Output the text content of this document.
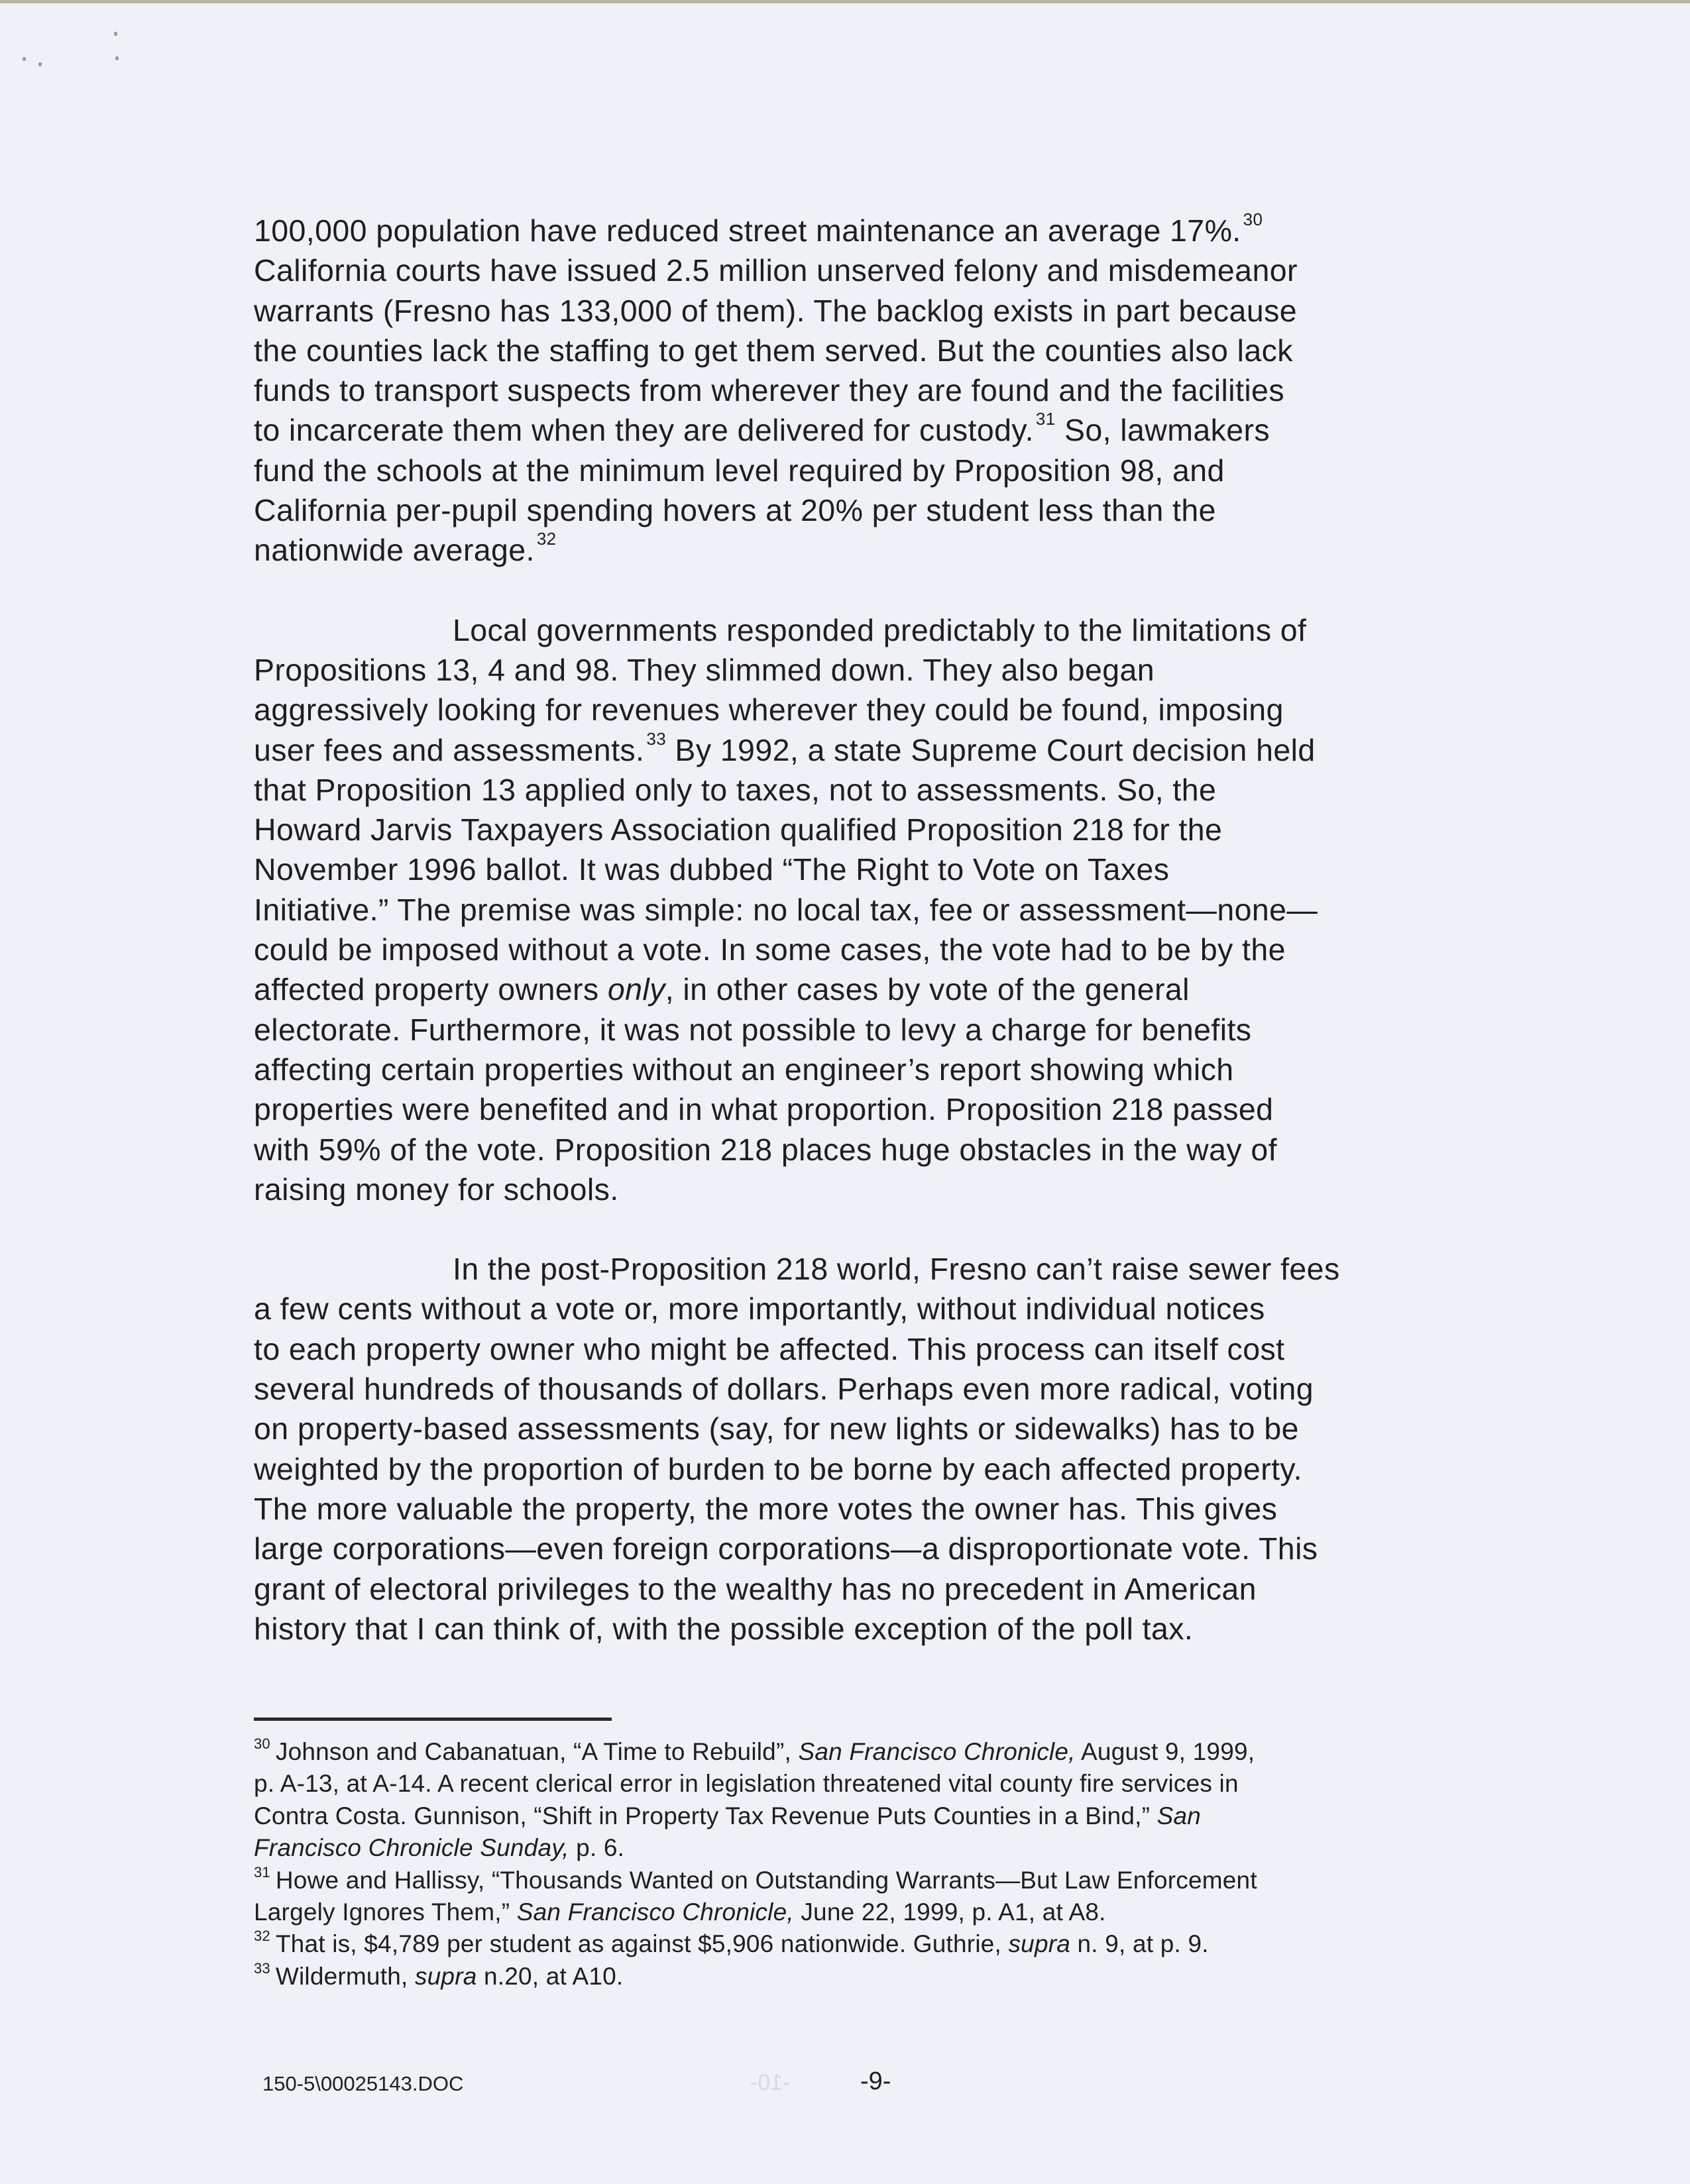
100,000 population have reduced street maintenance an average 17%. $^{30}$
California courts have issued 2.5 million unserved felony and misdemeanor
warrants (Fresno has 133,000 of them). The backlog exists in part because
the counties lack the staffing to get them served. But the counties also lack
funds to transport suspects from wherever they are found and the facilities
to incarcerate them when they are delivered for custody. $^{31}$ So, lawmakers
fund the schools at the minimum level required by Proposition 98, and
California per-pupil spending hovers at 20% per student less than the
nationwide average. $^{32}$
Local governments responded predictably to the limitations of
Propositions 13, 4 and 98. They slimmed down. They also began
aggressively looking for revenues wherever they could be found, imposing
user fees and assessments. $^{33}$ By 1992, a state Supreme Court decision held
that Proposition 13 applied only to taxes, not to assessments. So, the
Howard Jarvis Taxpayers Association qualified Proposition 218 for the
November 1996 ballot. It was dubbed “The Right to Vote on Taxes
Initiative.” The premise was simple: no local tax, fee or assessment—none—
could be imposed without a vote. In some cases, the vote had to be by the
affected property owners only, in other cases by vote of the general
electorate. Furthermore, it was not possible to levy a charge for benefits
affecting certain properties without an engineer’s report showing which
properties were benefited and in what proportion. Proposition 218 passed
with 59% of the vote. Proposition 218 places huge obstacles in the way of
raising money for schools.
In the post-Proposition 218 world, Fresno can’t raise sewer fees
a few cents without a vote or, more importantly, without individual notices
to each property owner who might be affected. This process can itself cost
several hundreds of thousands of dollars. Perhaps even more radical, voting
on property-based assessments (say, for new lights or sidewalks) has to be
weighted by the proportion of burden to be borne by each affected property.
The more valuable the property, the more votes the owner has. This gives
large corporations—even foreign corporations—a disproportionate vote. This
grant of electoral privileges to the wealthy has no precedent in American
history that I can think of, with the possible exception of the poll tax.
$^{30}$ Johnson and Cabanatuan, “A Time to Rebuild”, San Francisco Chronicle, August 9, 1999,
p. A-13, at A-14. A recent clerical error in legislation threatened vital county fire services in
Contra Costa. Gunnison, “Shift in Property Tax Revenue Puts Counties in a Bind,” San
Francisco Chronicle Sunday, p. 6.
$^{31}$ Howe and Hallissy, “Thousands Wanted on Outstanding Warrants—But Law Enforcement
Largely Ignores Them,” San Francisco Chronicle, June 22, 1999, p. A1, at A8.
$^{32}$ That is, $4,789 per student as against $5,906 nationwide. Guthrie, supra n. 9, at p. 9.
$^{33}$ Wildermuth, supra n.20, at A10.
150-5\00025143.DOC	-10-	-9-
